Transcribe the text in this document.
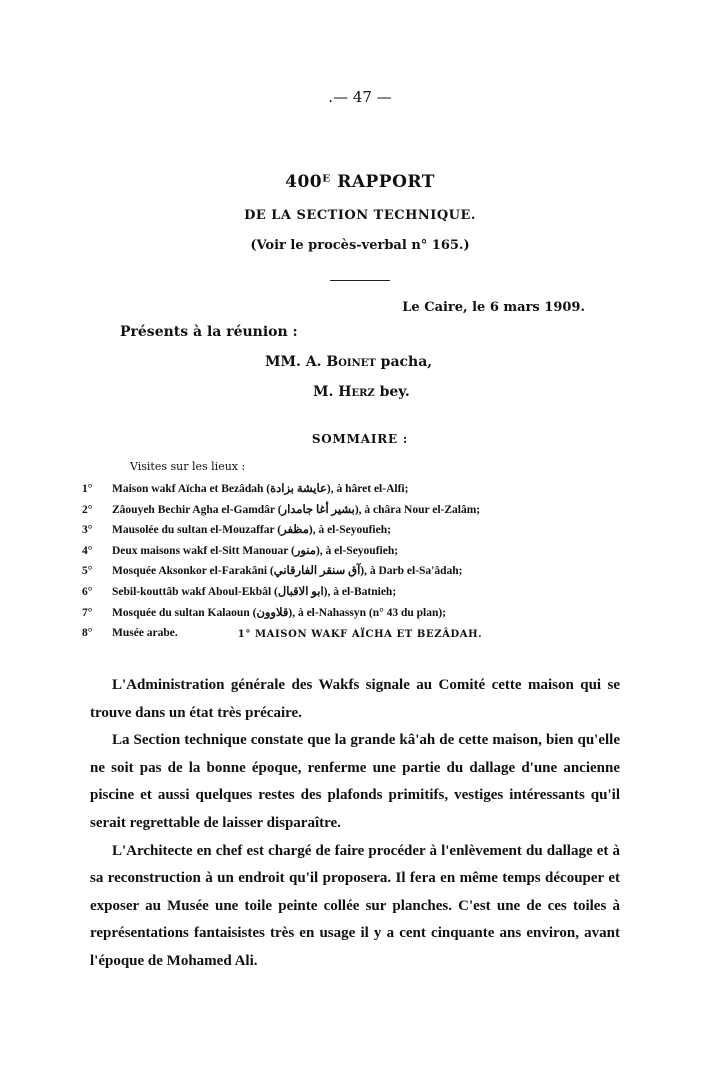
.— 47 —
400ᴱ RAPPORT
DE LA SECTION TECHNIQUE.
(Voir le procès-verbal n° 165.)
Le Caire, le 6 mars 1909.
Présents à la réunion :
MM. A. Boinet pacha,
M. Herz bey.
SOMMAIRE :
Visites sur les lieux :
1° Maison wakf Aïcha et Bezâdah (عايشة بزادة), à hâret el-Alfi;
2° Zâouyeh Bechir Agha el-Gamdâr (بشير أغا جامدار), à châra Nour el-Zalâm;
3° Mausolée du sultan el-Mouzaffar (مظفر), à el-Seyoufieh;
4° Deux maisons wakf el-Sitt Manouar (منور), à el-Seyoufieh;
5° Mosquée Aksonkor el-Farakâni (آق سنقر الفارقاني), à Darb el-Sa'âdah;
6° Sebil-kouttâb wakf Aboul-Ekbâl (ابو الاقبال), à el-Batnieh;
7° Mosquée du sultan Kalaoun (قلاوون), à el-Nahassyn (n° 43 du plan);
8° Musée arabe.	1° MAISON WAKF AÏCHA ET BEZÂDAH.

L'Administration générale des Wakfs signale au Comité cette maison qui se trouve dans un état très précaire.

La Section technique constate que la grande kâ'ah de cette maison, bien qu'elle ne soit pas de la bonne époque, renferme une partie du dallage d'une ancienne piscine et aussi quelques restes des plafonds primitifs, vestiges intéressants qu'il serait regrettable de laisser disparaître.

L'Architecte en chef est chargé de faire procéder à l'enlèvement du dallage et à sa reconstruction à un endroit qu'il proposera. Il fera en même temps découper et exposer au Musée une toile peinte collée sur planches. C'est une de ces toiles à représentations fantaisistes très en usage il y a cent cinquante ans environ, avant l'époque de Mohamed Ali.
